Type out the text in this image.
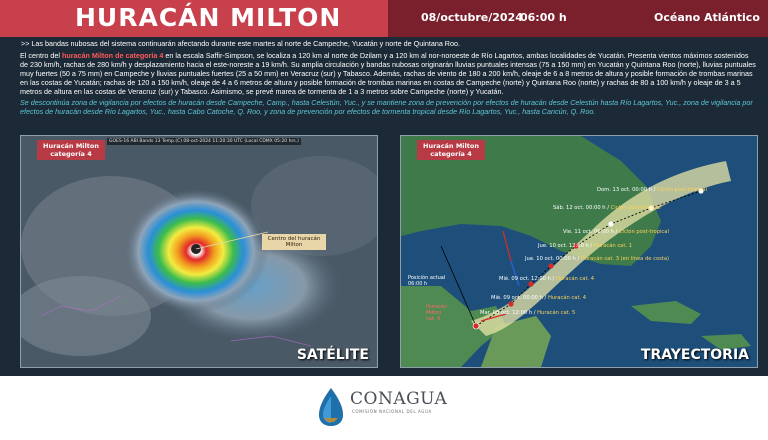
HURACÁN MILTON	08/octubre/2024
06:00 h	Océano Atlántico

>> Las bandas nubosas del sistema continuarán afectando durante este martes al norte de Campeche, Yucatán y norte de Quintana Roo.

El centro del huracán Milton de categoría 4 en la escala Saffir-Simpson, se localiza a 120 km al norte de Dzilam y a 120 km al nor-noroeste de Río Lagartos, ambas localidades de Yucatán. Presenta vientos máximos sostenidos de 230 km/h, rachas de 280 km/h y desplazamiento hacia el este-noreste a 19 km/h. Su amplia circulación y bandas nubosas originarán lluvias puntuales intensas (75 a 150 mm) en Yucatán y Quintana Roo (norte), lluvias puntuales muy fuertes (50 a 75 mm) en Campeche y lluvias puntuales fuertes (25 a 50 mm) en Veracruz (sur) y Tabasco. Además, rachas de viento de 180 a 200 km/h, oleaje de 6 a 8 metros de altura y posible formación de trombas marinas en las costas de Yucatán; rachas de 120 a 150 km/h, oleaje de 4 a 6 metros de altura y posible formación de trombas marinas en costas de Campeche (norte) y Quintana Roo (norte) y rachas de 80 a 100 km/h y oleaje de 3 a 5 metros de altura en las costas de Veracruz (sur) y Tabasco. Asimismo, se prevé marea de tormenta de 1 a 3 metros sobre Campeche (norte) y Yucatán.

Se descontinúa zona de vigilancia por efectos de huracán desde Campeche, Camp., hasta Celestún, Yuc., y se mantiene zona de prevención por efectos de huracán desde Celestún hasta Río Lagartos, Yuc., zona de vigilancia por efectos de huracán desde Río Lagartos, Yuc., hasta Cabo Catoche, Q. Roo, y zona de prevención por efectos de tormenta tropical desde Río Lagartos, Yuc., hasta Cancún, Q. Roo.

GOES-16 ABI Bands 13 Temp.(C) 08-oct-2024 11:20:30 UTC (Local CDMX 05:20 hrs.)
Huracán Milton
categoría 4
SATÉLITE
Centro del huracán
Milton
Huracán Milton
categoría 4
TRAYECTORIA
Dom. 13 oct. 00:00 h / Ciclón post-tropical
Sáb. 12 oct. 00:00 h / Ciclón post-tropical
Vie. 11 oct. 00:00 h / Ciclón post-tropical
Jue. 10 oct. 12:00 h / Huracán cat. 1
Jue. 10 oct. 00:00 h / Huracán cat. 3 (en línea de costa)
Mié. 09 oct. 12:00 h / Huracán cat. 4
Mié. 09 oct. 00:00 h / Huracán cat. 4
Mar. 08 oct. 12:00 h / Huracán cat. 5
Posición actual
06:00 h
Huracán
Milton
cat. 4
CONAGUA
COMISIÓN NACIONAL DEL AGUA
